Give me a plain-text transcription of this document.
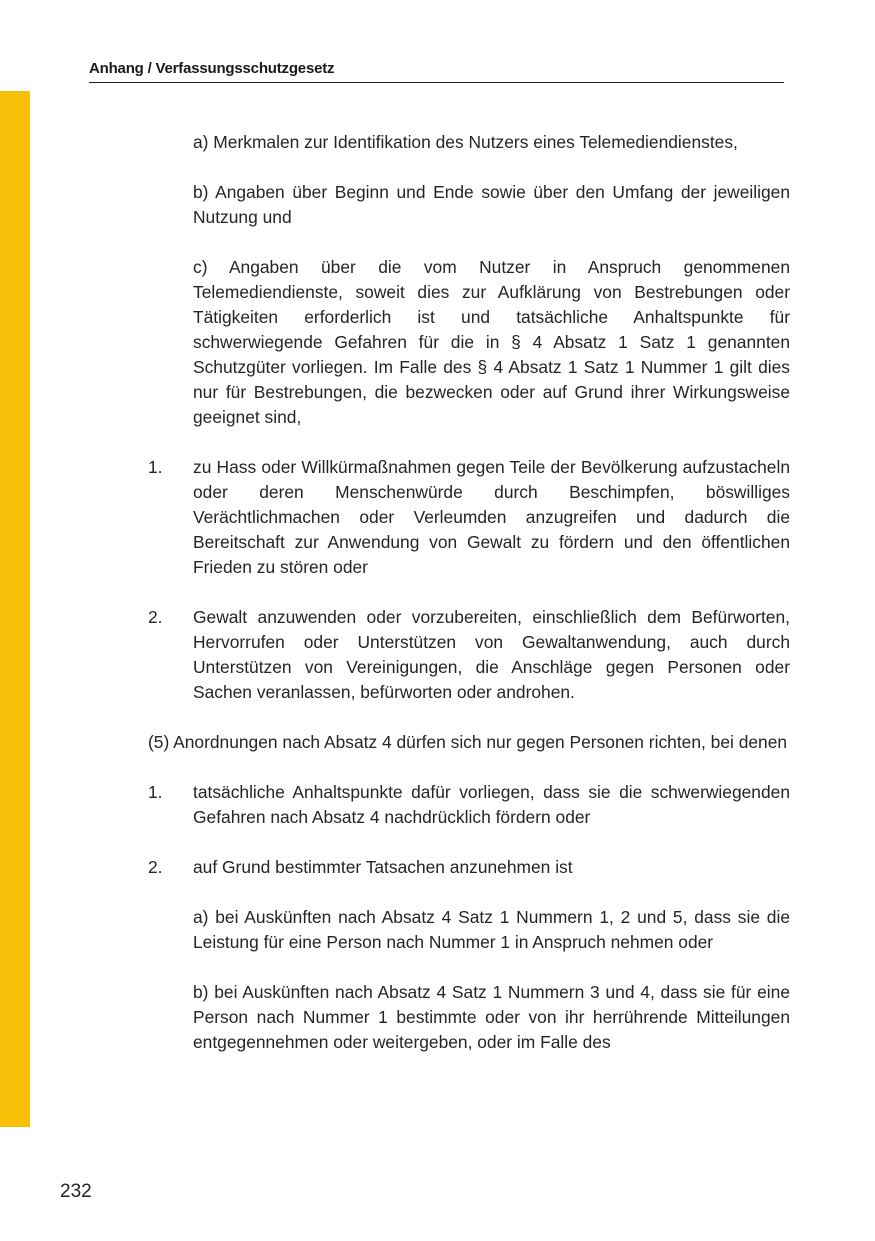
Anhang / Verfassungsschutzgesetz

a) Merkmalen zur Identifikation des Nutzers eines Telemediendienstes,

b) Angaben über Beginn und Ende sowie über den Umfang der jeweiligen Nutzung und

c) Angaben über die vom Nutzer in Anspruch genommenen Telemediendienste, soweit dies zur Aufklärung von Bestrebungen oder Tätigkeiten erforderlich ist und tatsächliche Anhaltspunkte für schwerwiegende Gefahren für die in § 4 Absatz 1 Satz 1 genannten Schutzgüter vorliegen. Im Falle des § 4 Absatz 1 Satz 1 Nummer 1 gilt dies nur für Bestrebungen, die bezwecken oder auf Grund ihrer Wirkungsweise geeignet sind,

1.	zu Hass oder Willkürmaßnahmen gegen Teile der Bevölkerung aufzustacheln oder deren Menschenwürde durch Beschimpfen, böswilliges Verächtlichmachen oder Verleumden anzugreifen und dadurch die Bereitschaft zur Anwendung von Gewalt zu fördern und den öffentlichen Frieden zu stören oder
2.	Gewalt anzuwenden oder vorzubereiten, einschließlich dem Befürworten, Hervorrufen oder Unterstützen von Gewaltanwendung, auch durch Unterstützen von Vereinigungen, die Anschläge gegen Personen oder Sachen veranlassen, befürworten oder androhen.

(5) Anordnungen nach Absatz 4 dürfen sich nur gegen Personen richten, bei denen

1.	tatsächliche Anhaltspunkte dafür vorliegen, dass sie die schwerwiegenden Gefahren nach Absatz 4 nachdrücklich fördern oder
2.	auf Grund bestimmter Tatsachen anzunehmen ist

a) bei Auskünften nach Absatz 4 Satz 1 Nummern 1, 2 und 5, dass sie die Leistung für eine Person nach Nummer 1 in Anspruch nehmen oder

b) bei Auskünften nach Absatz 4 Satz 1 Nummern 3 und 4, dass sie für eine Person nach Nummer 1 bestimmte oder von ihr herrührende Mitteilungen entgegennehmen oder weitergeben, oder im Falle des

232
